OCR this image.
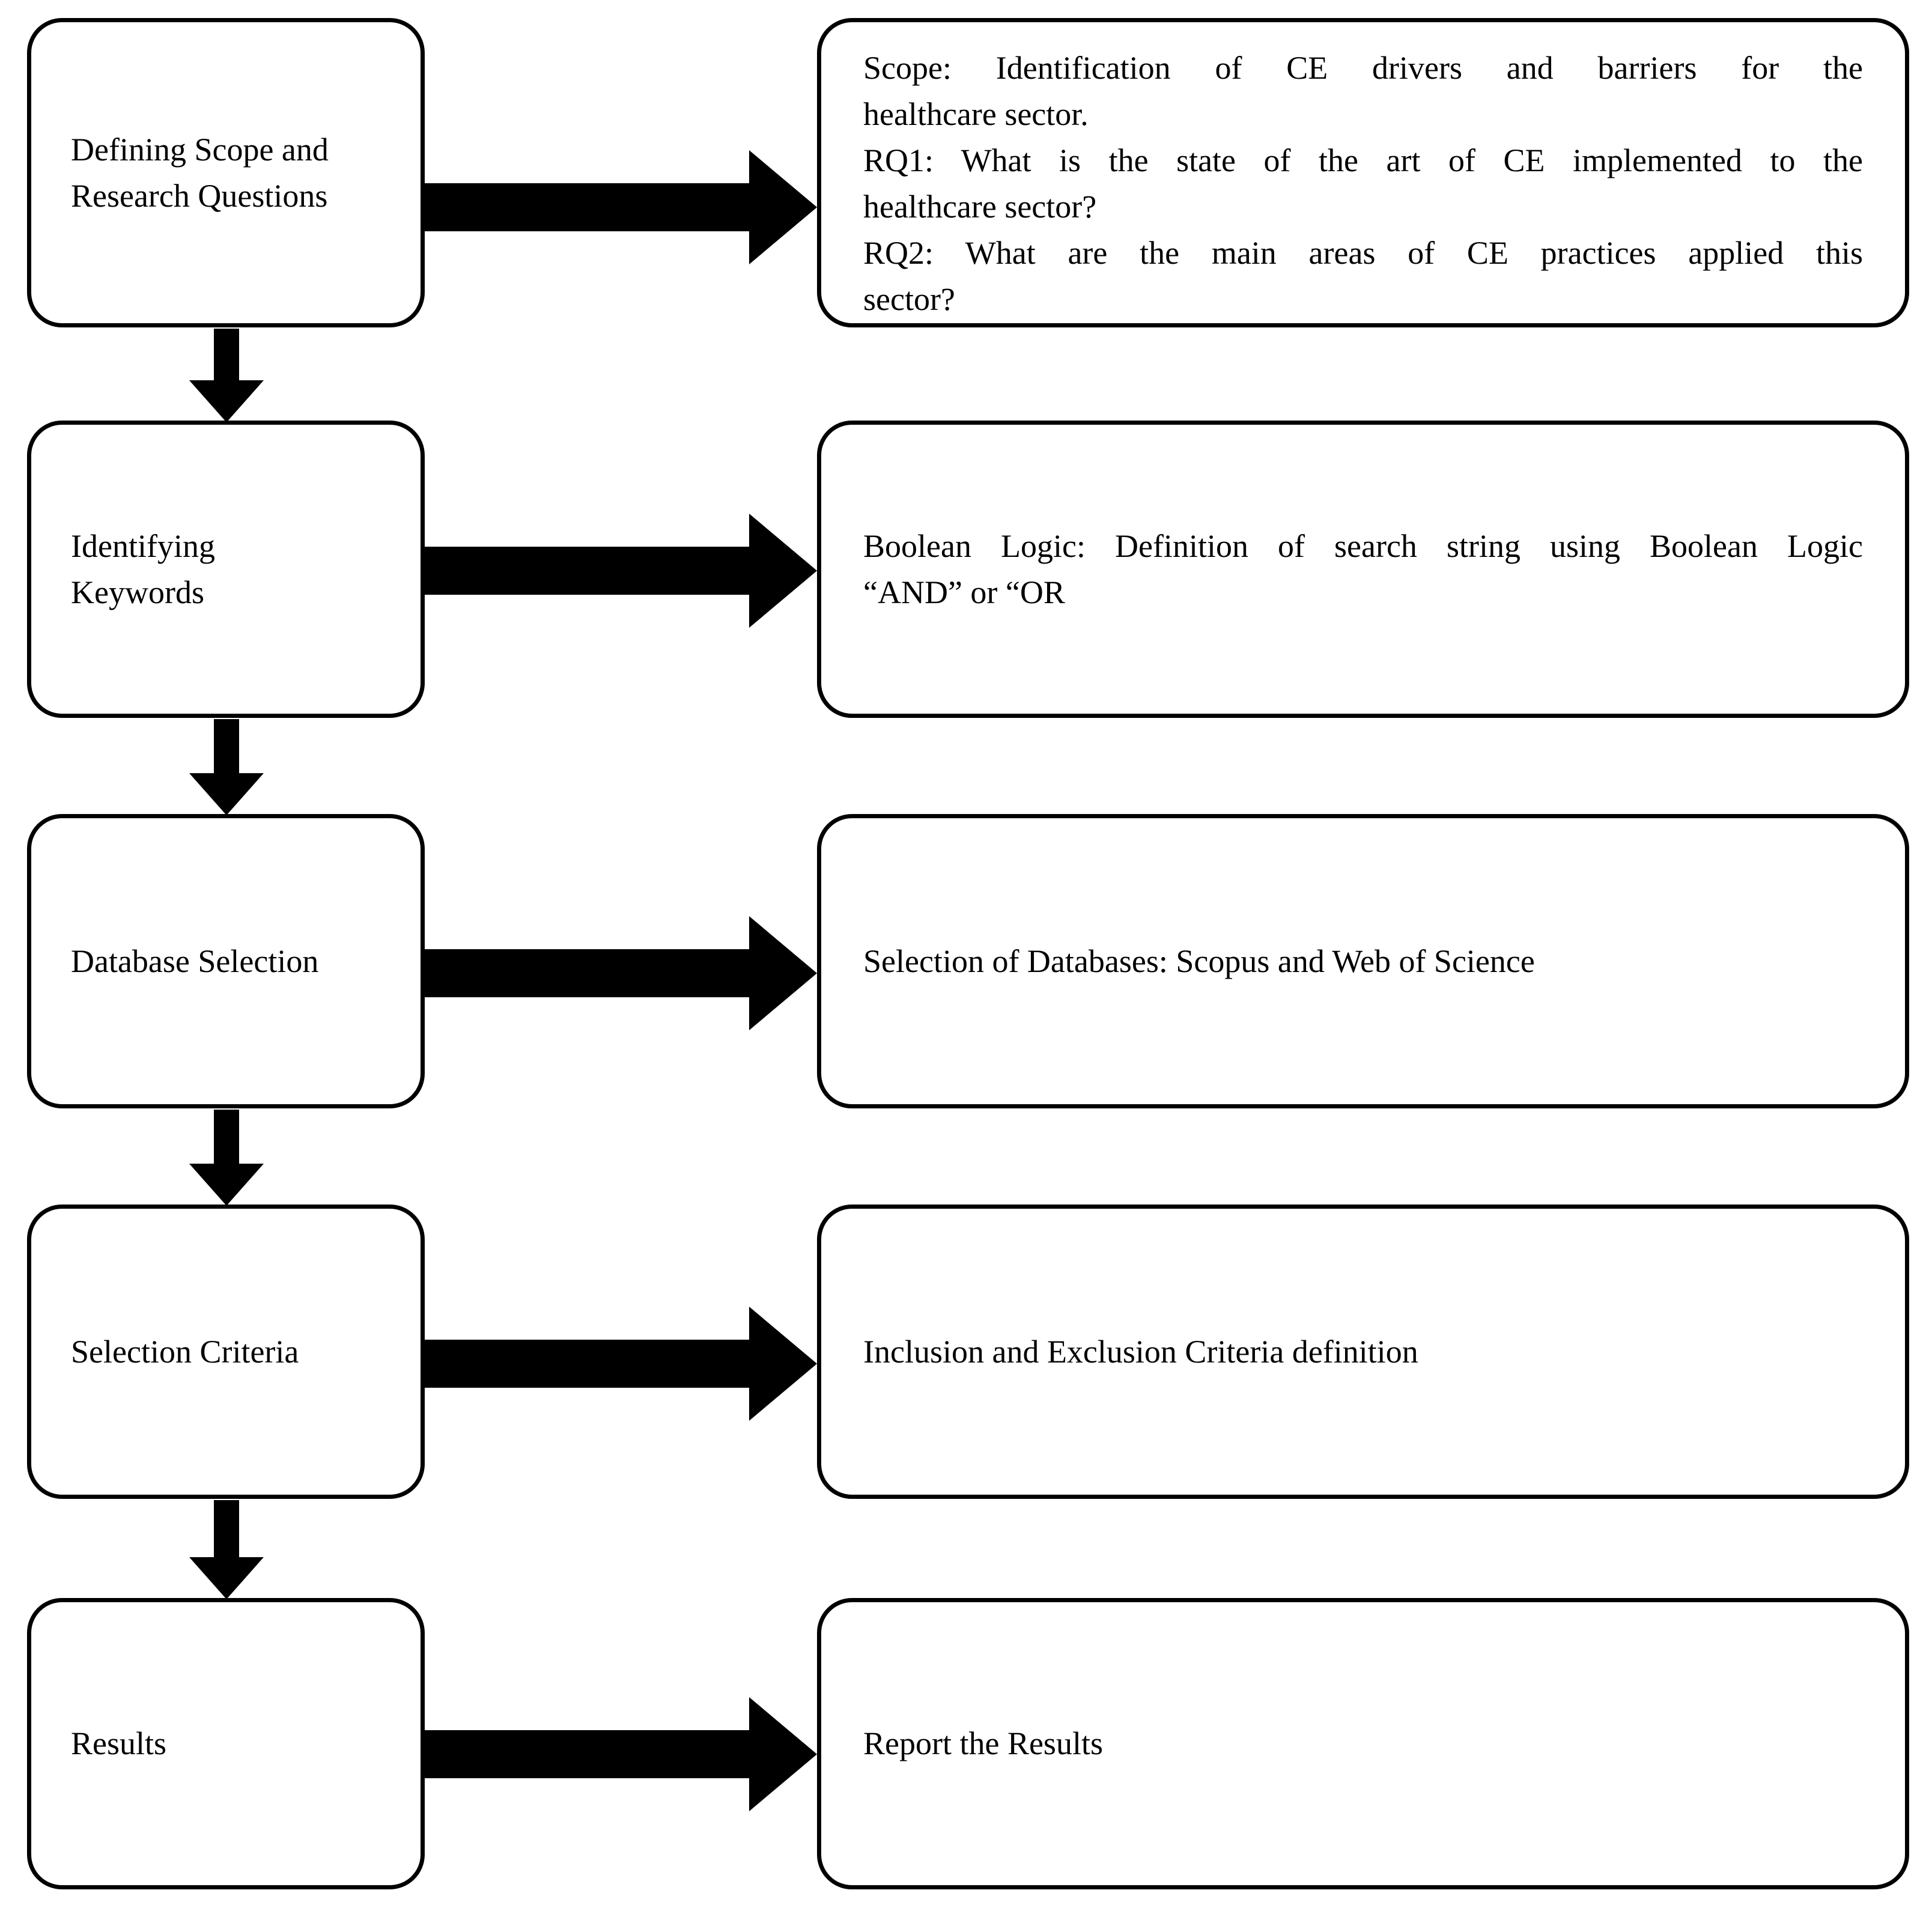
Defining Scope and
Research Questions
Scope: Identification of CE drivers and barriers for the
healthcare sector.
RQ1: What is the state of the art of CE implemented to the
healthcare sector?
RQ2: What are the main areas of CE practices applied this
sector?
Identifying
Keywords
Boolean Logic: Definition of search string using Boolean Logic
“AND” or “OR
Database Selection	Selection of Databases: Scopus and Web of Science
Selection Criteria	Inclusion and Exclusion Criteria definition
Results	Report the Results
